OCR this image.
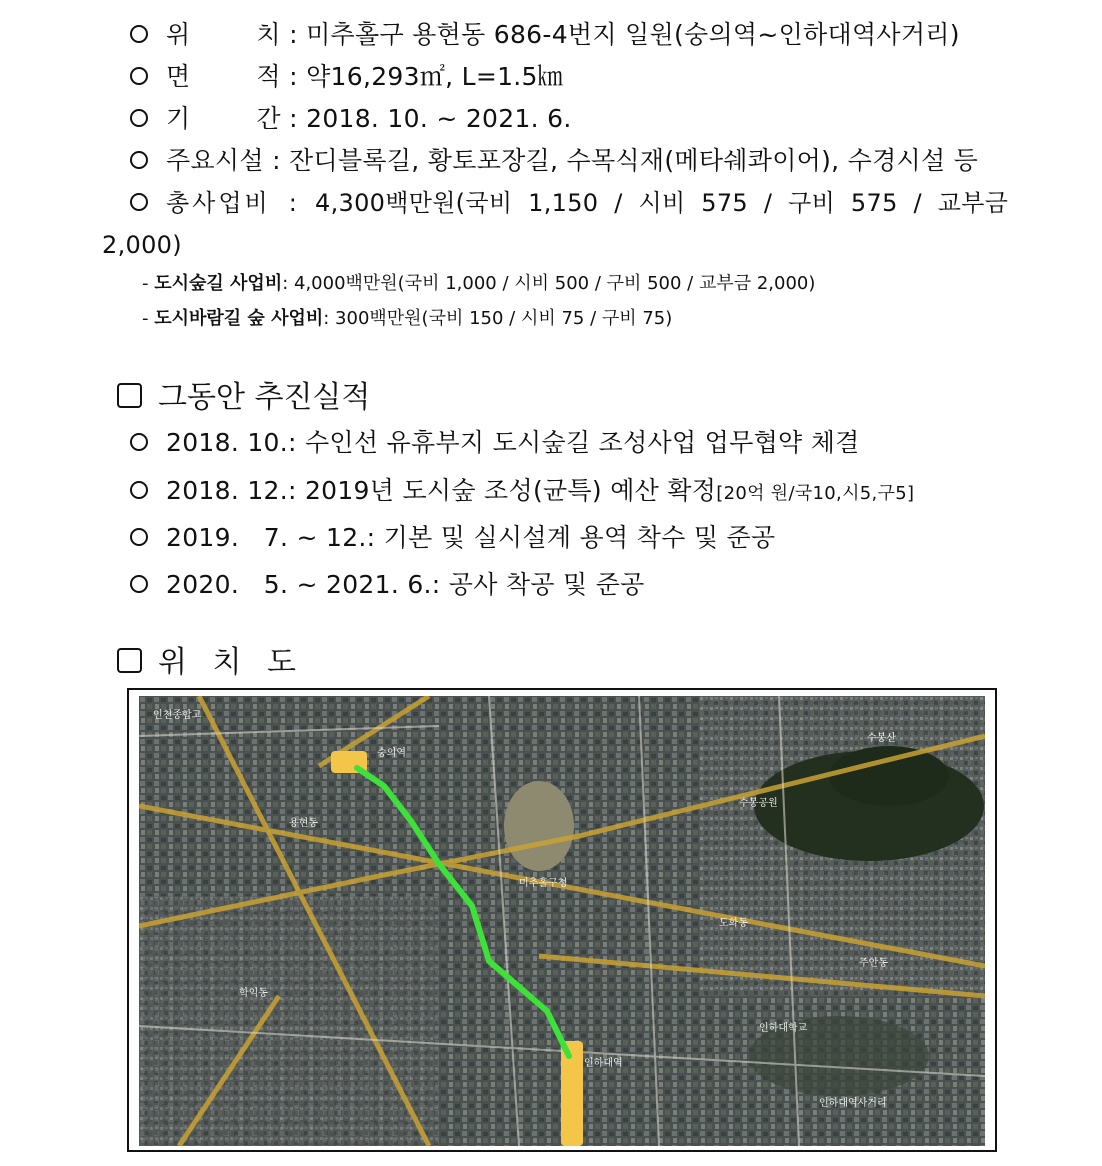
위        치 : 미추홀구 용현동 686-4번지 일원(숭의역~인하대역사거리)
면        적 : 약16,293㎡, L=1.5㎞
기        간 : 2018. 10. ~ 2021. 6.
주요시설 : 잔디블록길, 황토포장길, 수목식재(메타쉐콰이어), 수경시설 등
총사업비 : 4,300백만원(국비  1,150  /  시비  575  /  구비  575  /  교부금
2,000)
- 도시숲길 사업비: 4,000백만원(국비 1,000 / 시비 500 / 구비 500 / 교부금 2,000)
- 도시바람길 숲 사업비: 300백만원(국비 150 / 시비 75 / 구비 75)
그동안 추진실적
2018. 10.: 수인선 유휴부지 도시숲길 조성사업 업무협약 체결
2018. 12.: 2019년 도시숲 조성(균특) 예산 확정[20억 원/국10,시5,구5]
2019.   7. ~ 12.: 기본 및 실시설계 용역 착수 및 준공
2020.   5. ~ 2021. 6.: 공사 착공 및 준공
위 치 도
인천종합고
용현동
숭의역
인하대역
수봉산
수봉공원
미추홀구청
학익동
도화동
주안동
인하대학교
인하대역사거리
